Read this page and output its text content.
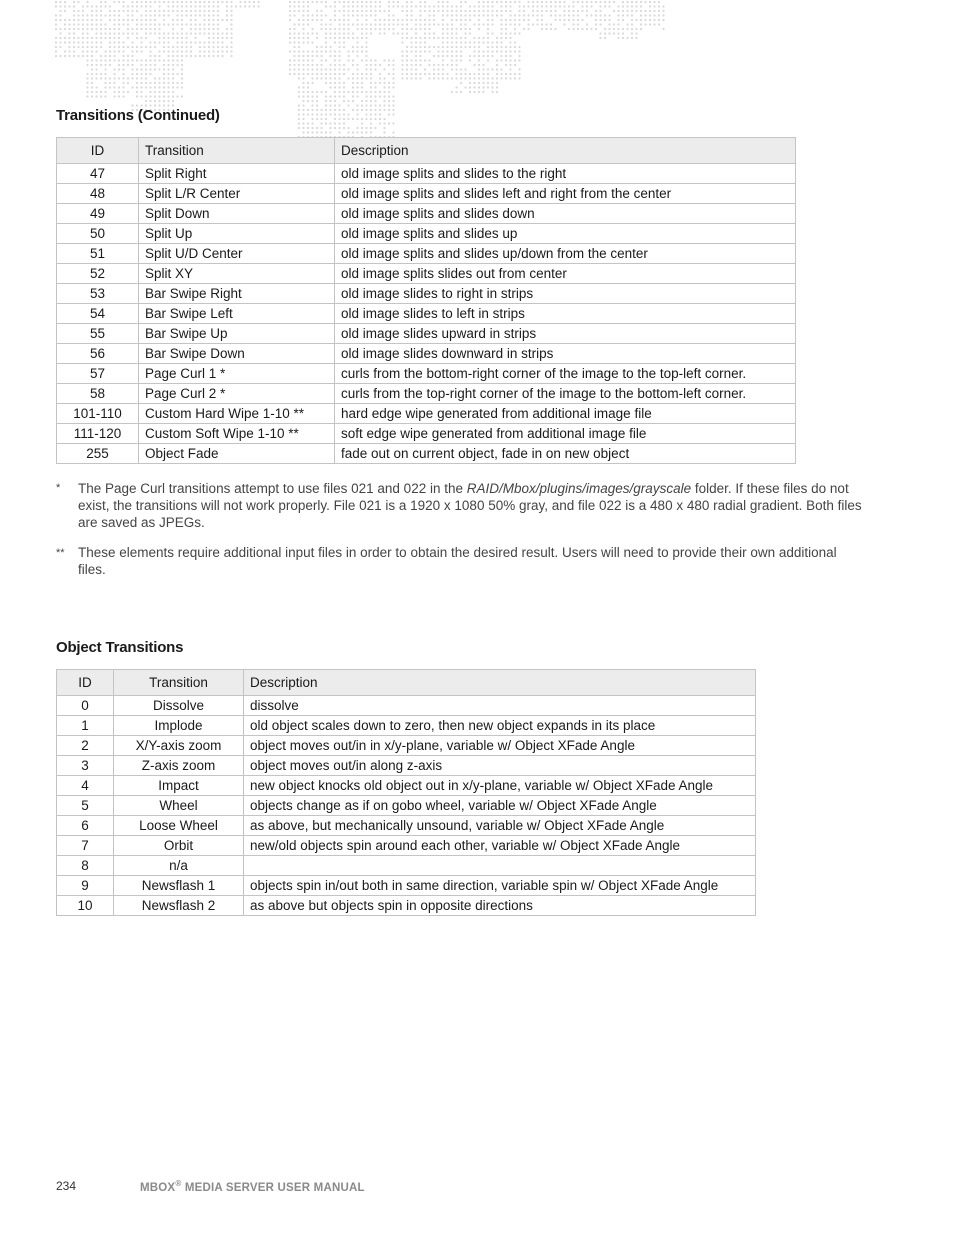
Transitions (Continued)
ID	Transition	Description
47	Split Right	old image splits and slides to the right
48	Split L/R Center	old image splits and slides left and right from the center
49	Split Down	old image splits and slides down
50	Split Up	old image splits and slides up
51	Split U/D Center	old image splits and slides up/down from the center
52	Split XY	old image splits slides out from center
53	Bar Swipe Right	old image slides to right in strips
54	Bar Swipe Left	old image slides to left in strips
55	Bar Swipe Up	old image slides upward in strips
56	Bar Swipe Down	old image slides downward in strips
57	Page Curl 1 *	curls from the bottom-right corner of the image to the top-left corner.
58	Page Curl 2 *	curls from the top-right corner of the image to the bottom-left corner.
101-110	Custom Hard Wipe 1-10 **	hard edge wipe generated from additional image file
111-120	Custom Soft Wipe 1-10 **	soft edge wipe generated from additional image file
255	Object Fade	fade out on current object, fade in on new object
* The Page Curl transitions attempt to use files 021 and 022 in the RAID/Mbox/plugins/images/grayscale folder. If these files do not exist, the transitions will not work properly. File 021 is a 1920 x 1080 50% gray, and file 022 is a 480 x 480 radial gradient. Both files are saved as JPEGs.
** These elements require additional input files in order to obtain the desired result. Users will need to provide their own additional files.
Object Transitions
ID	Transition	Description
0	Dissolve	dissolve
1	Implode	old object scales down to zero, then new object expands in its place
2	X/Y-axis zoom	object moves out/in in x/y-plane, variable w/ Object XFade Angle
3	Z-axis zoom	object moves out/in along z-axis
4	Impact	new object knocks old object out in x/y-plane, variable w/ Object XFade Angle
5	Wheel	objects change as if on gobo wheel, variable w/ Object XFade Angle
6	Loose Wheel	as above, but mechanically unsound, variable w/ Object XFade Angle
7	Orbit	new/old objects spin around each other, variable w/ Object XFade Angle
8	n/a	
9	Newsflash 1	objects spin in/out both in same direction, variable spin w/ Object XFade Angle
10	Newsflash 2	as above but objects spin in opposite directions
234	MBOX® MEDIA SERVER USER MANUAL
